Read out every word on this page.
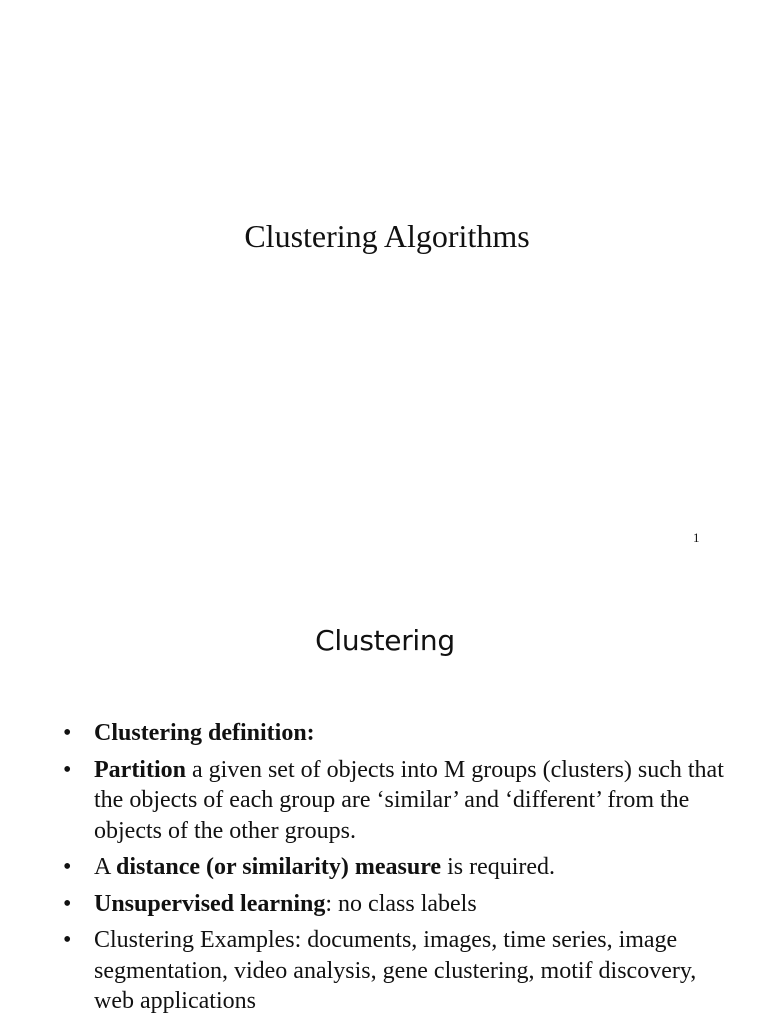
Clustering Algorithms
1
Clustering
• Clustering definition:
• Partition a given set of objects into M groups (clusters) such that the objects of each group are ‘similar’ and ‘different’ from the objects of the other groups.
• A distance (or similarity) measure is required.
• Unsupervised learning: no class labels
• Clustering Examples: documents, images, time series, image segmentation, video analysis, gene clustering, motif discovery, web applications
